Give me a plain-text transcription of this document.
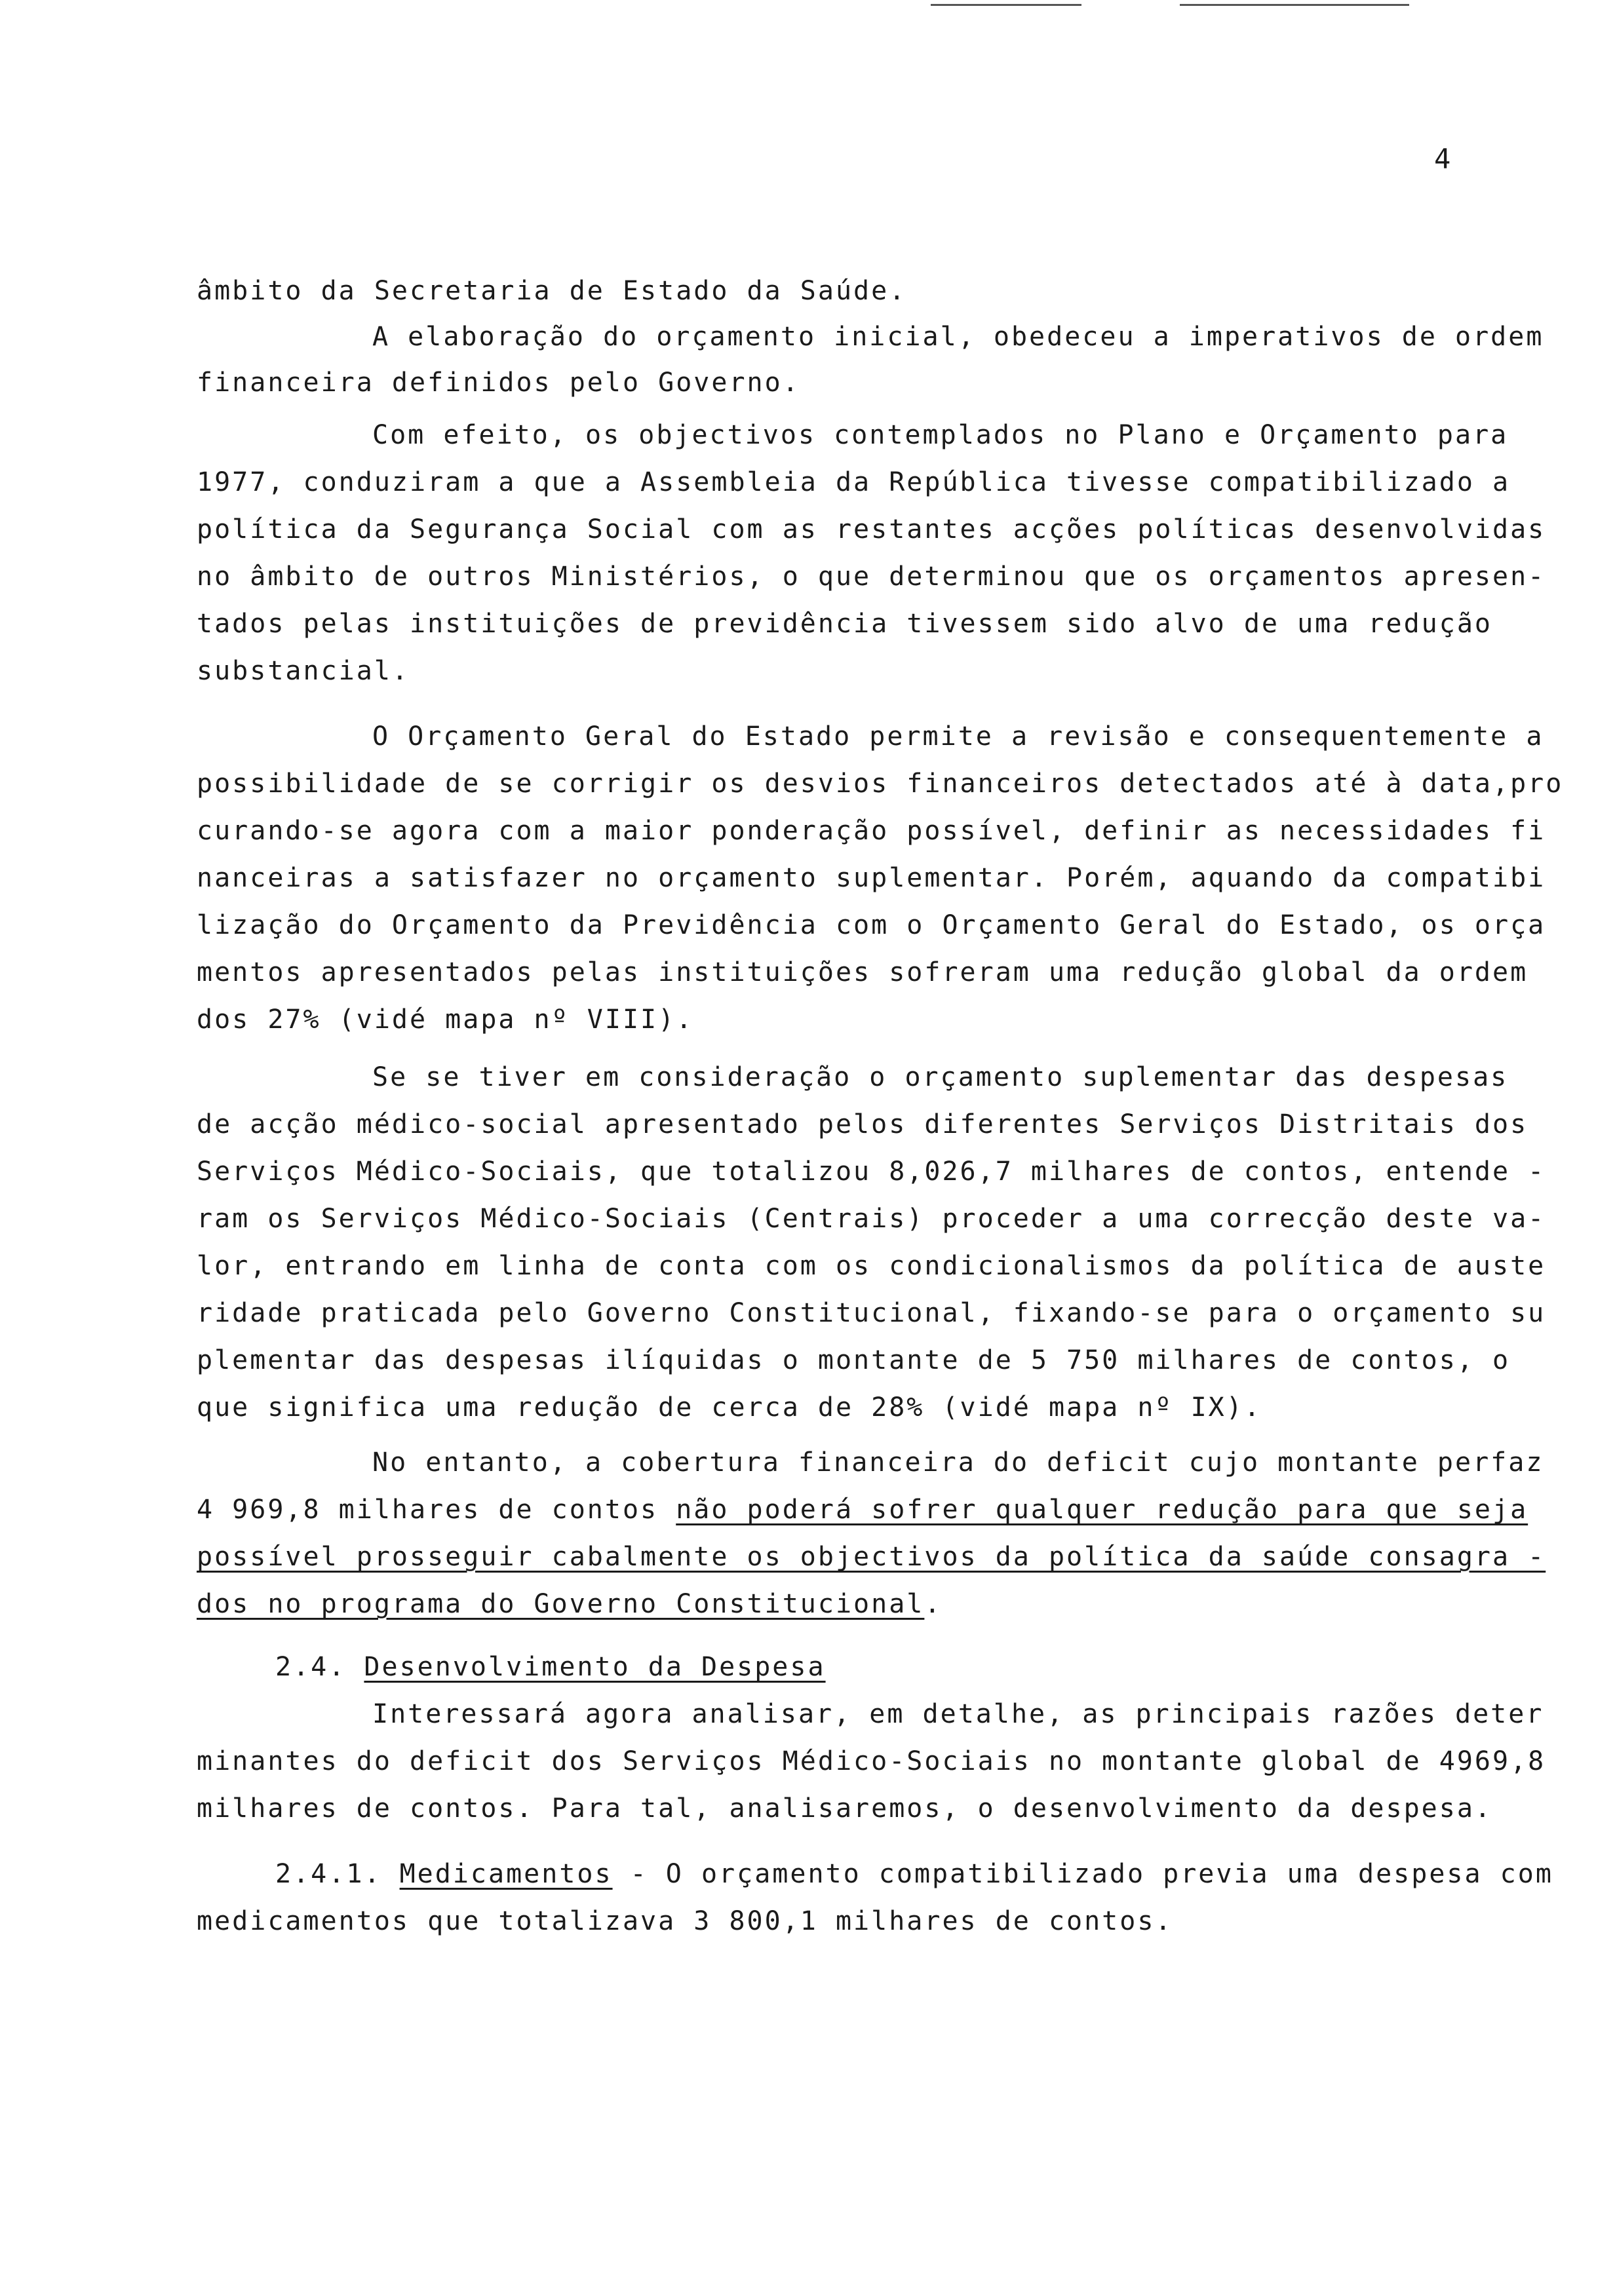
4
âmbito da Secretaria de Estado da Saúde.
A elaboração do orçamento inicial, obedeceu a imperativos de ordem
financeira definidos pelo Governo.
Com efeito, os objectivos contemplados no Plano e Orçamento para
1977, conduziram a que a Assembleia da República tivesse compatibilizado a
política da Segurança Social com as restantes acções políticas desenvolvidas
no âmbito de outros Ministérios, o que determinou que os orçamentos apresen-
tados pelas instituições de previdência tivessem sido alvo de uma redução
substancial.
O Orçamento Geral do Estado permite a revisão e consequentemente a
possibilidade de se corrigir os desvios financeiros detectados até à data,pro
curando-se agora com a maior ponderação possível, definir as necessidades fi
nanceiras a satisfazer no orçamento suplementar. Porém, aquando da compatibi
lização do Orçamento da Previdência com o Orçamento Geral do Estado, os orça
mentos apresentados pelas instituições sofreram uma redução global da ordem
dos 27% (vidé mapa nº VIII).
Se se tiver em consideração o orçamento suplementar das despesas
de acção médico-social apresentado pelos diferentes Serviços Distritais dos
Serviços Médico-Sociais, que totalizou 8,026,7 milhares de contos, entende -
ram os Serviços Médico-Sociais (Centrais) proceder a uma correcção deste va-
lor, entrando em linha de conta com os condicionalismos da política de auste
ridade praticada pelo Governo Constitucional, fixando-se para o orçamento su
plementar das despesas ilíquidas o montante de 5 750 milhares de contos, o
que significa uma redução de cerca de 28% (vidé mapa nº IX).
No entanto, a cobertura financeira do deficit cujo montante perfaz
4 969,8 milhares de contos não poderá sofrer qualquer redução para que seja
possível prosseguir cabalmente os objectivos da política da saúde consagra -
dos no programa do Governo Constitucional.
2.4. Desenvolvimento da Despesa
Interessará agora analisar, em detalhe, as principais razões deter
minantes do deficit dos Serviços Médico-Sociais no montante global de 4969,8
milhares de contos. Para tal, analisaremos, o desenvolvimento da despesa.
2.4.1. Medicamentos - O orçamento compatibilizado previa uma despesa com
medicamentos que totalizava 3 800,1 milhares de contos.
